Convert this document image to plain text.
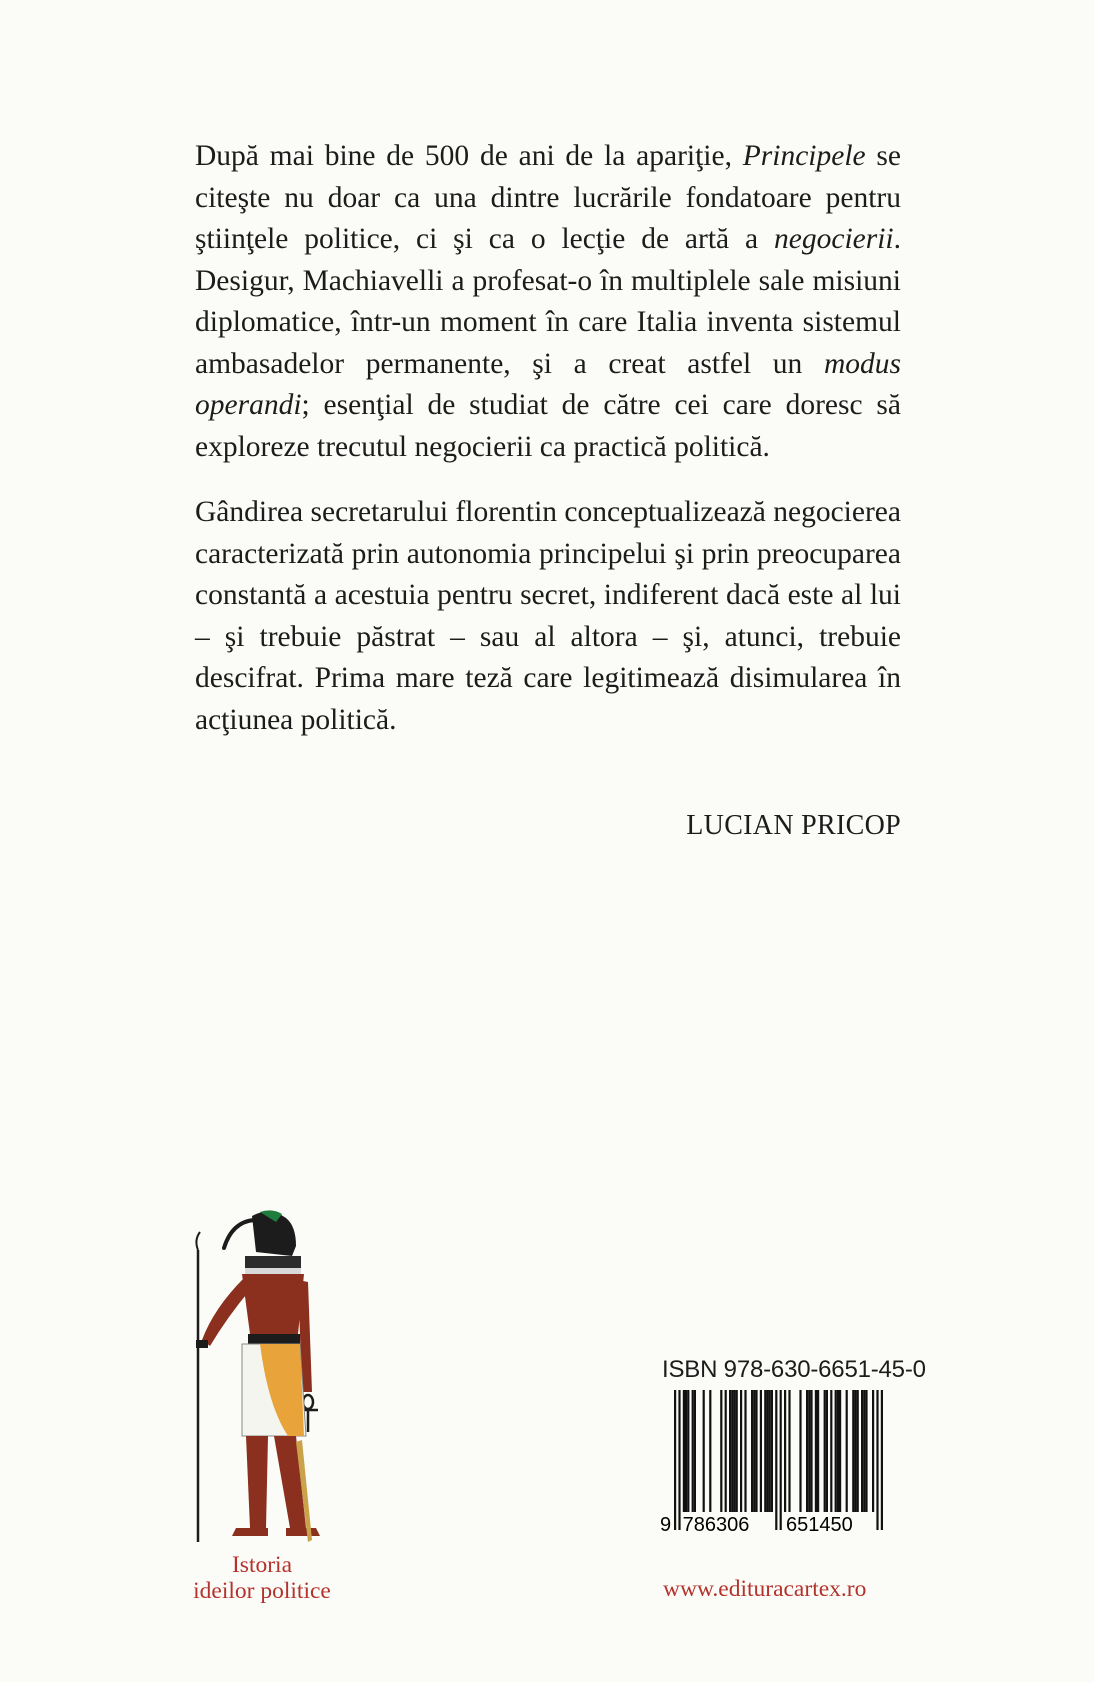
După mai bine de 500 de ani de la apariţie, Principele se citeşte nu doar ca una dintre lucrările fondatoare pentru ştiinţele politice, ci şi ca o lecţie de artă a negocierii. Desigur, Machiavelli a profesat-o în multiplele sale misiuni diplomatice, într-un moment în care Italia inventa sistemul ambasadelor permanente, şi a creat astfel un modus operandi; esenţial de studiat de către cei care doresc să exploreze trecutul negocierii ca practică politică.

Gândirea secretarului florentin conceptualizează negocierea caracterizată prin autonomia principelui şi prin preocuparea constantă a acestuia pentru secret, indiferent dacă este al lui – şi trebuie păstrat – sau al altora – şi, atunci, trebuie descifrat. Prima mare teză care legitimează disimularea în acţiunea politică.

LUCIAN PRICOP
Istoria
ideilor politice
ISBN 978-630-6651-45-0
9 786306 651450
www.edituracartex.ro
